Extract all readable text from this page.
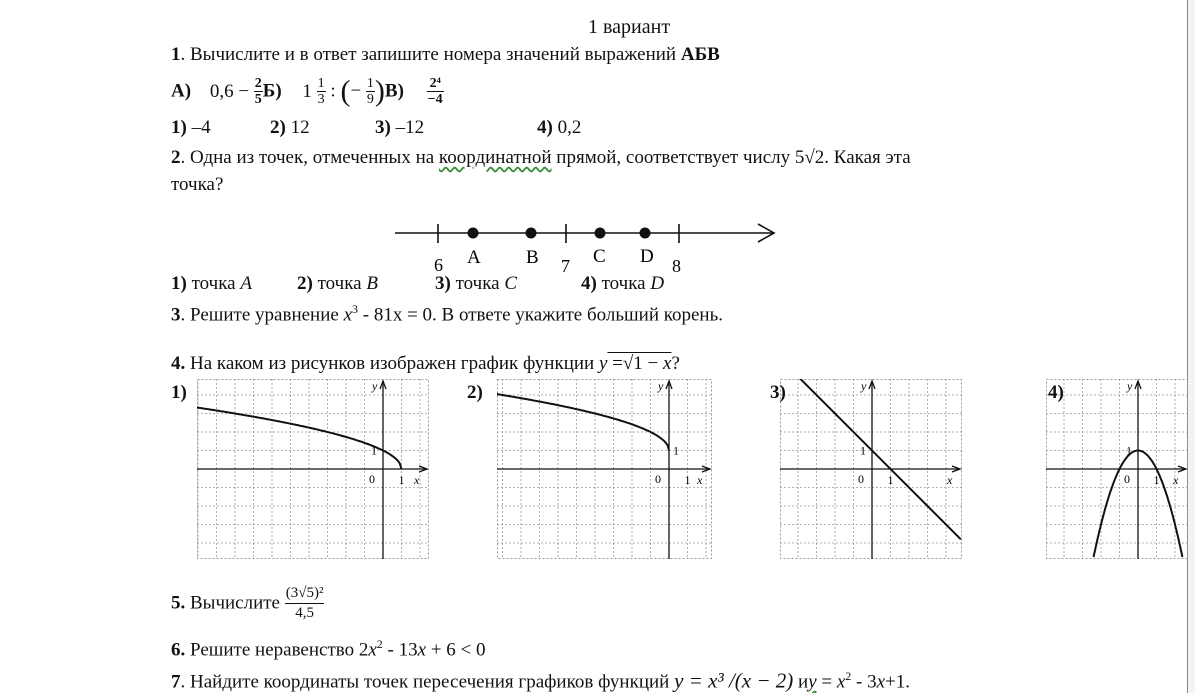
1 вариант
1. Вычислите и в ответ запишите номера значений выражений АБВ
А) $0,6 - \frac{2}{5} Б$) $1 \frac{1}{3}$ : (− $\frac{1}{9} )В) \frac{\text{2⁴}}{-4}$
1) –4	2) 12	3) –12	4) 0,2
2. Одна из точек, отмеченных на координатной прямой, соответствует числу 5√2. Какая эта
точка?
6	7	8
A B	C D
1) точка A 2) точка B	3) точка C	4) точка D
3. Решите уравнение $x^3 - 81x = 0$. В ответе укажите больший корень.
4. На каком из рисунков изображен график функции $y =√1 - \overline{x}$?
1)	2)	3)	4)
y
x
0 1
1
y
x
0 1
1
y
x
0 1
1
y
x
0 1
1
5. Вычислите $\frac{\text{(3√5)²}}{4,5}$
6. Решите неравенство $2x^2 - 13x + 6 < 0$
7. Найдите координаты точек пересечения графиков функций y = x³ /(x − 2) иy = $x^2 - 3x+1$.
